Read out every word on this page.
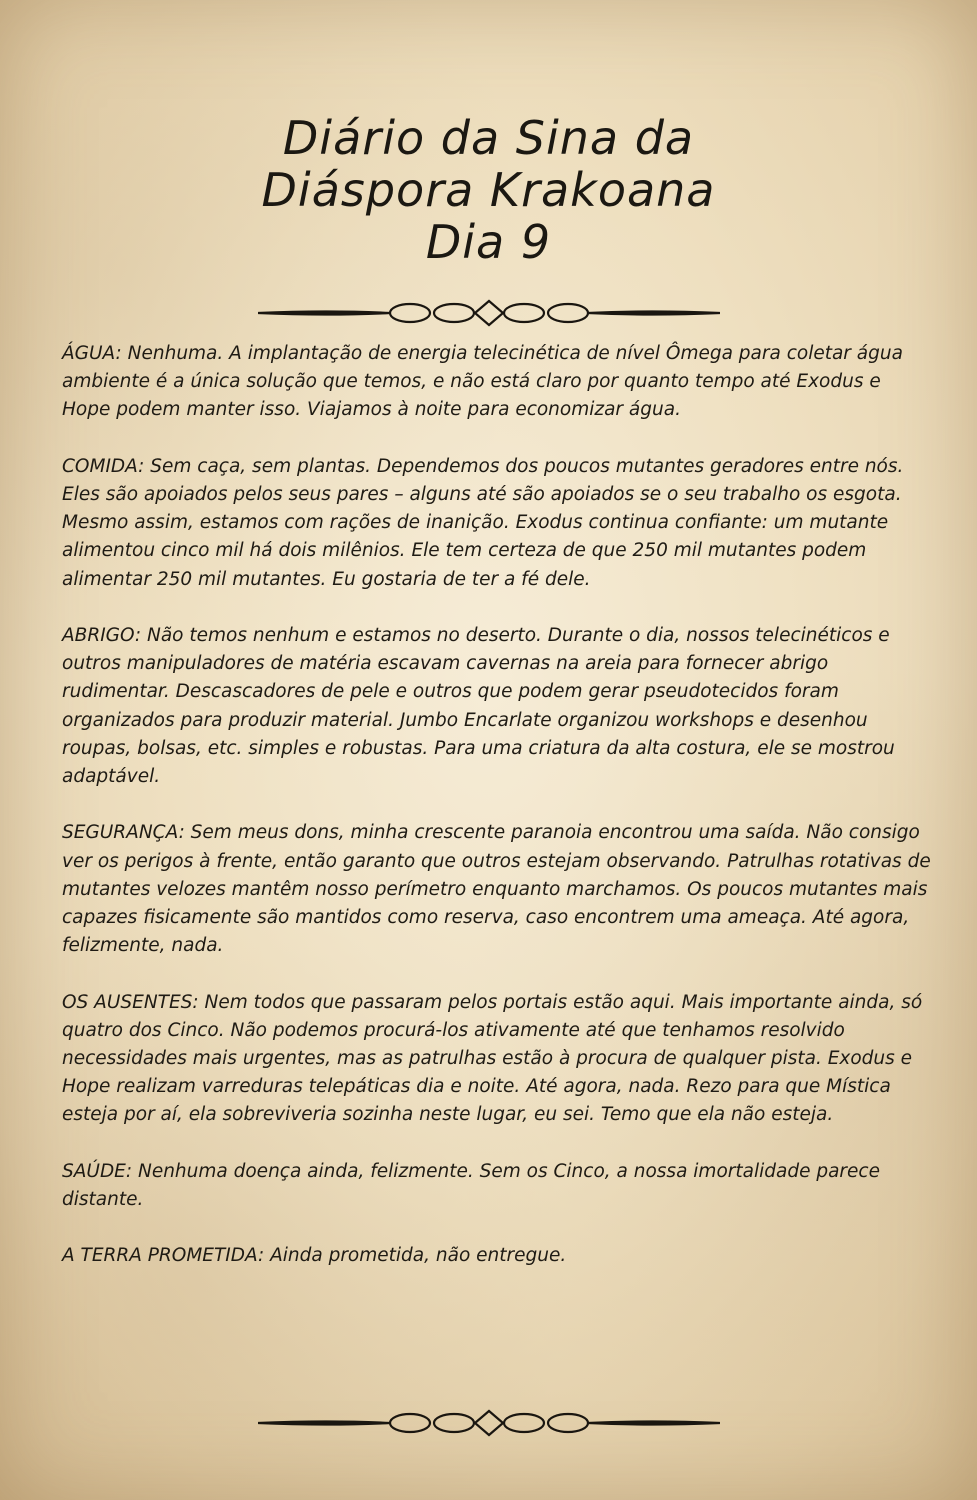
Diário da Sina da
Diáspora Krakoana
Dia 9

ÁGUA: Nenhuma. A implantação de energia telecinética de nível Ômega para coletar água ambiente é a única solução que temos, e não está claro por quanto tempo até Exodus e Hope podem manter isso. Viajamos à noite para economizar água.

COMIDA: Sem caça, sem plantas. Dependemos dos poucos mutantes geradores entre nós. Eles são apoiados pelos seus pares – alguns até são apoiados se o seu trabalho os esgota. Mesmo assim, estamos com rações de inanição. Exodus continua confiante: um mutante alimentou cinco mil há dois milênios. Ele tem certeza de que 250 mil mutantes podem alimentar 250 mil mutantes. Eu gostaria de ter a fé dele.

ABRIGO: Não temos nenhum e estamos no deserto. Durante o dia, nossos telecinéticos e outros manipuladores de matéria escavam cavernas na areia para fornecer abrigo rudimentar. Descascadores de pele e outros que podem gerar pseudotecidos foram organizados para produzir material. Jumbo Encarlate organizou workshops e desenhou roupas, bolsas, etc. simples e robustas. Para uma criatura da alta costura, ele se mostrou adaptável.

SEGURANÇA: Sem meus dons, minha crescente paranoia encontrou uma saída. Não consigo ver os perigos à frente, então garanto que outros estejam observando. Patrulhas rotativas de mutantes velozes mantêm nosso perímetro enquanto marchamos. Os poucos mutantes mais capazes fisicamente são mantidos como reserva, caso encontrem uma ameaça. Até agora, felizmente, nada.

OS AUSENTES: Nem todos que passaram pelos portais estão aqui. Mais importante ainda, só quatro dos Cinco. Não podemos procurá-los ativamente até que tenhamos resolvido necessidades mais urgentes, mas as patrulhas estão à procura de qualquer pista. Exodus e Hope realizam varreduras telepáticas dia e noite. Até agora, nada. Rezo para que Mística esteja por aí, ela sobreviveria sozinha neste lugar, eu sei. Temo que ela não esteja.

SAÚDE: Nenhuma doença ainda, felizmente. Sem os Cinco, a nossa imortalidade parece distante.

A TERRA PROMETIDA: Ainda prometida, não entregue.
